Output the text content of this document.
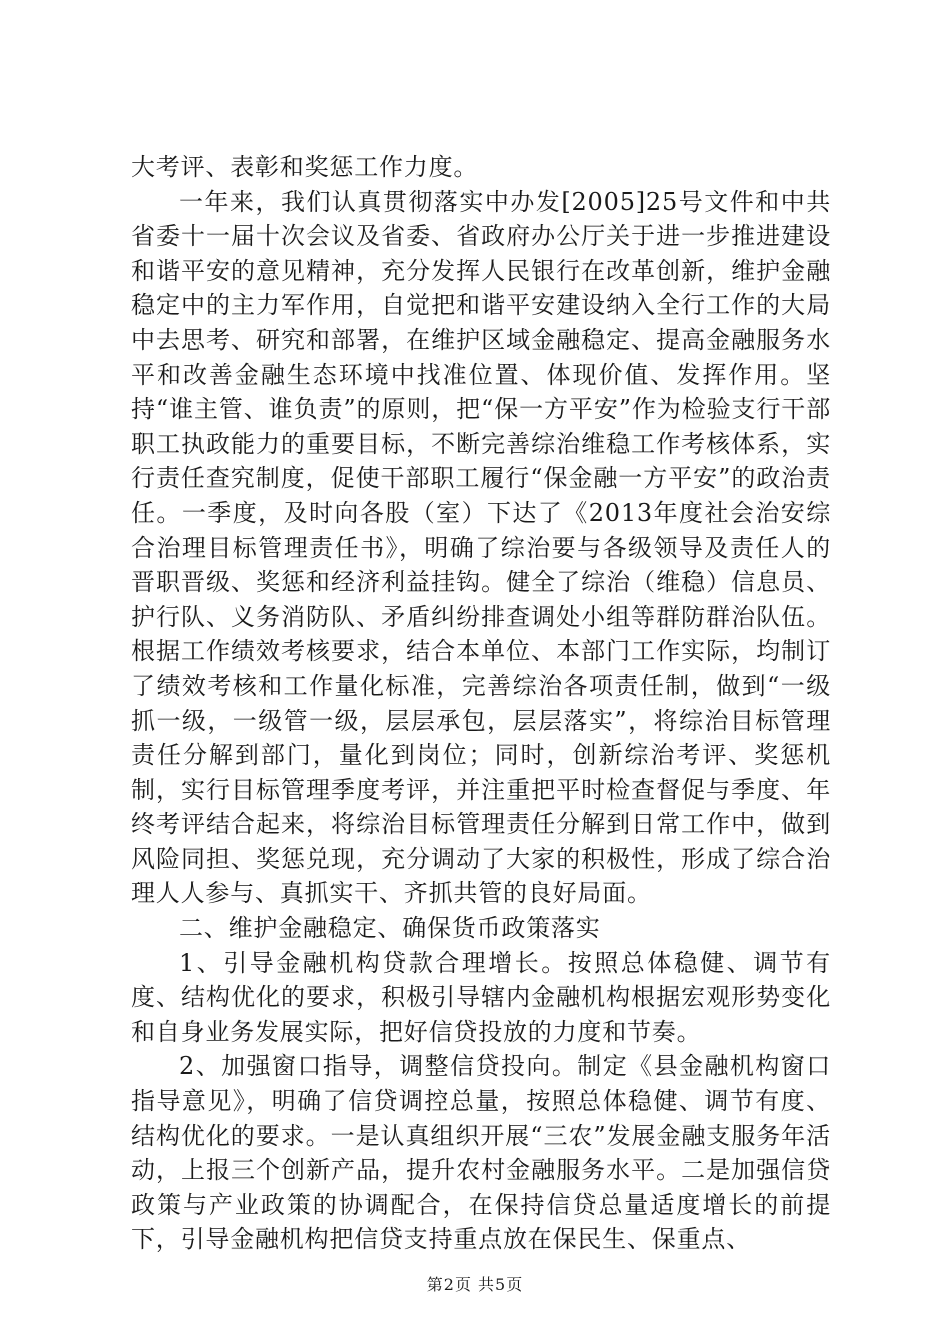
大考评、表彰和奖惩工作力度。

一年来，我们认真贯彻落实中办发[2005]25号文件和中共省委十一届十次会议及省委、省政府办公厅关于进一步推进建设和谐平安的意见精神，充分发挥人民银行在改革创新，维护金融稳定中的主力军作用，自觉把和谐平安建设纳入全行工作的大局中去思考、研究和部署，在维护区域金融稳定、提高金融服务水平和改善金融生态环境中找准位置、体现价值、发挥作用。坚持“谁主管、谁负责”的原则，把“保一方平安”作为检验支行干部职工执政能力的重要目标，不断完善综治维稳工作考核体系，实行责任查究制度，促使干部职工履行“保金融一方平安”的政治责任。一季度，及时向各股（室）下达了《2013年度社会治安综合治理目标管理责任书》，明确了综治要与各级领导及责任人的晋职晋级、奖惩和经济利益挂钩。健全了综治（维稳）信息员、护行队、义务消防队、矛盾纠纷排查调处小组等群防群治队伍。根据工作绩效考核要求，结合本单位、本部门工作实际，均制订了绩效考核和工作量化标准，完善综治各项责任制，做到“一级抓一级，一级管一级，层层承包，层层落实”，将综治目标管理责任分解到部门，量化到岗位；同时，创新综治考评、奖惩机制，实行目标管理季度考评，并注重把平时检查督促与季度、年终考评结合起来，将综治目标管理责任分解到日常工作中，做到风险同担、奖惩兑现，充分调动了大家的积极性，形成了综合治理人人参与、真抓实干、齐抓共管的良好局面。

二、维护金融稳定、确保货币政策落实

1、引导金融机构贷款合理增长。按照总体稳健、调节有度、结构优化的要求，积极引导辖内金融机构根据宏观形势变化和自身业务发展实际，把好信贷投放的力度和节奏。

2、加强窗口指导，调整信贷投向。制定《县金融机构窗口指导意见》，明确了信贷调控总量，按照总体稳健、调节有度、结构优化的要求。一是认真组织开展“三农”发展金融支服务年活动，上报三个创新产品，提升农村金融服务水平。二是加强信贷政策与产业政策的协调配合，在保持信贷总量适度增长的前提下，引导金融机构把信贷支持重点放在保民生、保重点、

第2页 共5页
